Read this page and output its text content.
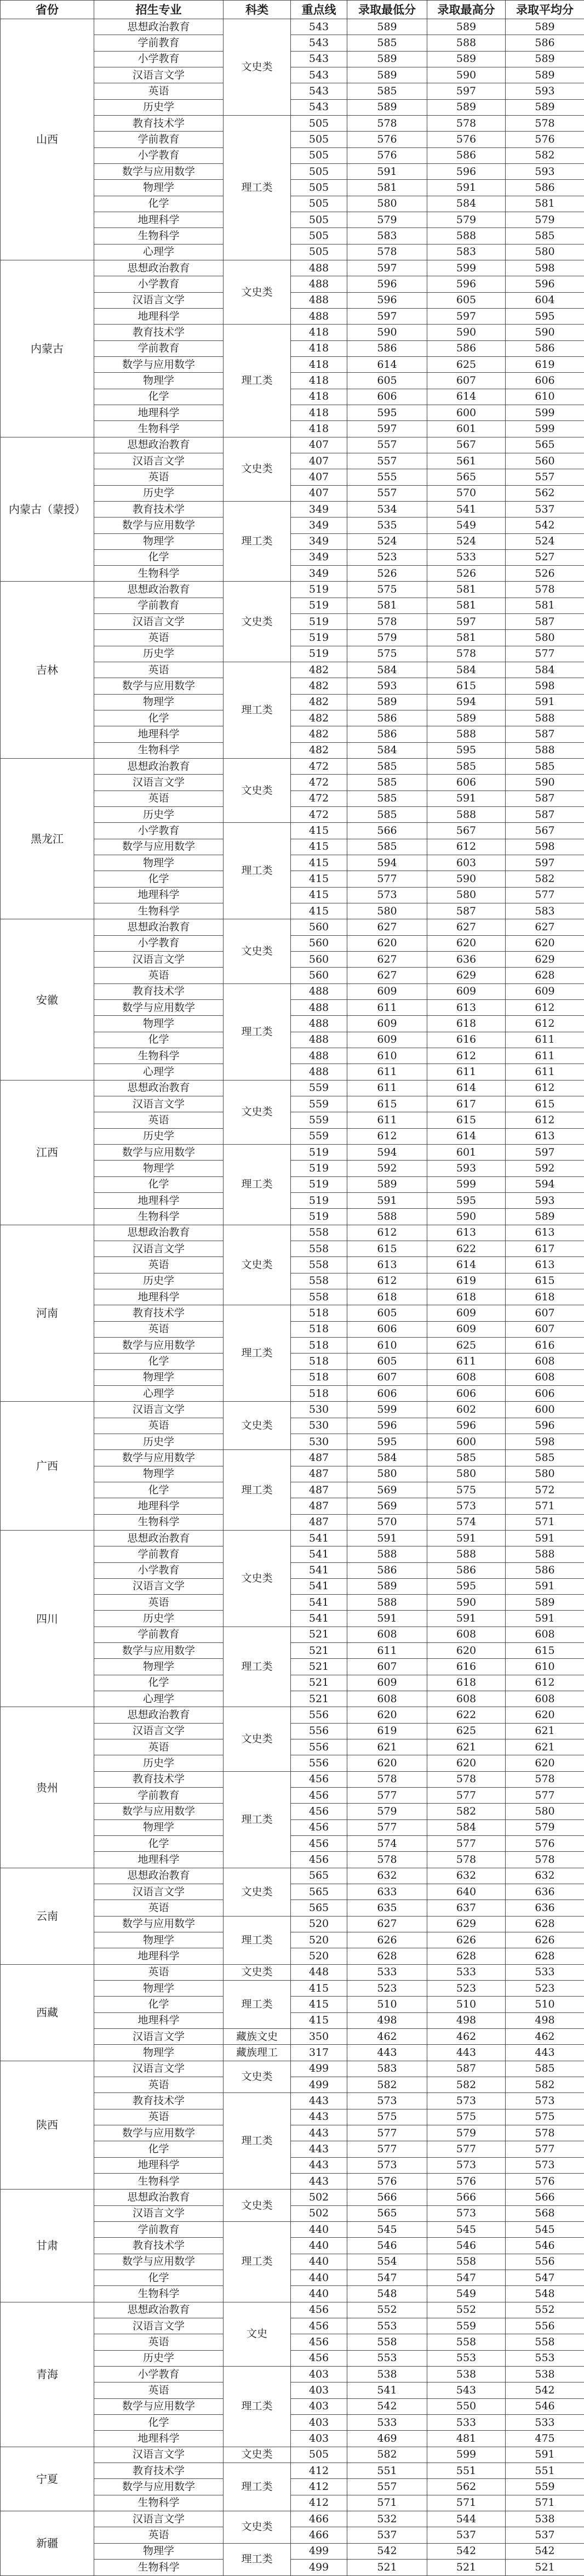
省份	招生专业	科类	重点线	录取最低分	录取最高分	录取平均分
山西	思想政治教育	文史类	543	589	589	589
	学前教育		543	585	588	586
	小学教育		543	589	589	589
	汉语言文学		543	589	590	589
	英语		543	585	597	593
	历史学		543	589	589	589
	教育技术学	理工类	505	578	578	578
	学前教育		505	576	576	576
	小学教育		505	576	586	582
	数学与应用数学		505	591	596	593
	物理学		505	581	591	586
	化学		505	580	584	581
	地理科学		505	579	579	579
	生物科学		505	583	588	585
	心理学		505	578	583	580
内蒙古	思想政治教育	文史类	488	597	599	598
	小学教育		488	596	596	596
	汉语言文学		488	596	605	604
	地理科学		488	597	597	595
	教育技术学	理工类	418	590	590	590
	学前教育		418	586	586	586
	数学与应用数学		418	614	625	619
	物理学		418	605	607	606
	化学		418	606	614	610
	地理科学		418	595	600	599
	生物科学		418	597	601	599
内蒙古（蒙授）	思想政治教育	文史类	407	557	567	565
	汉语言文学		407	557	561	560
	英语		407	555	565	557
	历史学		407	557	570	562
	教育技术学	理工类	349	534	541	537
	数学与应用数学		349	535	549	542
	物理学		349	524	524	524
	化学		349	523	533	527
	生物科学		349	526	526	526
吉林	思想政治教育	文史类	519	575	581	578
	学前教育		519	581	581	581
	汉语言文学		519	578	597	587
	英语		519	579	581	580
	历史学		519	575	578	577
	英语	理工类	482	584	584	584
	数学与应用数学		482	593	615	598
	物理学		482	589	594	591
	化学		482	586	589	588
	地理科学		482	586	588	587
	生物科学		482	584	595	588
黑龙江	思想政治教育	文史类	472	585	585	585
	汉语言文学		472	585	606	590
	英语		472	585	591	587
	历史学		472	585	588	587
	小学教育	理工类	415	566	567	567
	数学与应用数学		415	585	612	598
	物理学		415	594	603	597
	化学		415	577	590	582
	地理科学		415	573	580	577
	生物科学		415	580	587	583
安徽	思想政治教育	文史类	560	627	627	627
	小学教育		560	620	620	620
	汉语言文学		560	627	636	629
	英语		560	627	629	628
	教育技术学	理工类	488	609	609	609
	数学与应用数学		488	611	613	612
	物理学		488	609	618	612
	化学		488	609	616	611
	生物科学		488	610	612	611
	心理学		488	611	611	611
江西	思想政治教育	文史类	559	611	614	612
	汉语言文学		559	615	617	615
	英语		559	611	615	612
	历史学		559	612	614	613
	数学与应用数学	理工类	519	594	601	597
	物理学		519	592	593	592
	化学		519	589	599	594
	地理科学		519	591	595	593
	生物科学		519	588	590	589
河南	思想政治教育	文史类	558	612	613	613
	汉语言文学		558	615	622	617
	英语		558	613	614	613
	历史学		558	612	619	615
	地理科学		558	618	618	618
	教育技术学	理工类	518	605	609	607
	英语		518	606	609	607
	数学与应用数学		518	610	625	616
	化学		518	605	611	608
	物理学		518	607	608	608
	心理学		518	606	606	606
广西	汉语言文学	文史类	530	599	602	600
	英语		530	596	596	596
	历史学		530	595	600	598
	数学与应用数学	理工类	487	584	585	585
	物理学		487	580	580	580
	化学		487	569	575	572
	地理科学		487	569	573	571
	生物科学		487	570	574	571
四川	思想政治教育	文史类	541	591	591	591
	学前教育		541	588	588	588
	小学教育		541	586	586	586
	汉语言文学		541	589	595	591
	英语		541	588	590	589
	历史学		541	591	591	591
	学前教育	理工类	521	608	608	608
	数学与应用数学		521	611	620	615
	物理学		521	607	616	610
	化学		521	609	618	612
	心理学		521	608	608	608
贵州	思想政治教育	文史类	556	620	622	620
	汉语言文学		556	619	625	621
	英语		556	621	621	621
	历史学		556	620	620	620
	教育技术学	理工类	456	578	578	578
	学前教育		456	577	577	577
	数学与应用数学		456	579	582	580
	物理学		456	577	584	579
	化学		456	574	577	576
	地理科学		456	578	578	578
云南	思想政治教育	文史类	565	632	632	632
	汉语言文学		565	633	640	636
	英语		565	635	637	636
	数学与应用数学	理工类	520	627	629	628
	物理学		520	626	626	626
	地理科学		520	628	628	628
西藏	英语	文史类	448	533	533	533
	物理学	理工类	415	523	523	523
	化学		415	510	510	510
	地理科学		415	498	498	498
	汉语言文学	藏族文史	350	462	462	462
	物理学	藏族理工	317	443	443	443
陕西	汉语言文学	文史类	499	583	587	585
	英语		499	582	582	582
	教育技术学	理工类	443	573	573	573
	英语		443	575	575	575
	数学与应用数学		443	577	579	578
	化学		443	577	577	577
	地理科学		443	573	573	573
	生物科学		443	576	576	576
甘肃	思想政治教育	文史类	502	566	566	566
	汉语言文学		502	565	573	568
	学前教育	理工类	440	545	545	545
	教育技术学		440	546	546	546
	数学与应用数学		440	554	558	556
	化学		440	547	547	547
	生物科学		440	548	549	548
青海	思想政治教育	文史	456	552	552	552
	汉语言文学		456	553	559	556
	英语		456	558	558	558
	历史学		456	553	553	553
	小学教育	理工类	403	538	538	538
	英语		403	541	543	542
	数学与应用数学		403	542	550	546
	化学		403	533	533	533
	地理科学		403	469	481	475
宁夏	汉语言文学	文史类	505	582	599	591
	教育技术学	理工类	412	551	551	551
	数学与应用数学		412	557	562	559
	生物科学		412	571	571	571
新疆	汉语言文学	文史类	466	532	544	538
	英语		466	537	537	537
	物理学	理工类	499	542	542	542
	生物科学		499	521	521	521
